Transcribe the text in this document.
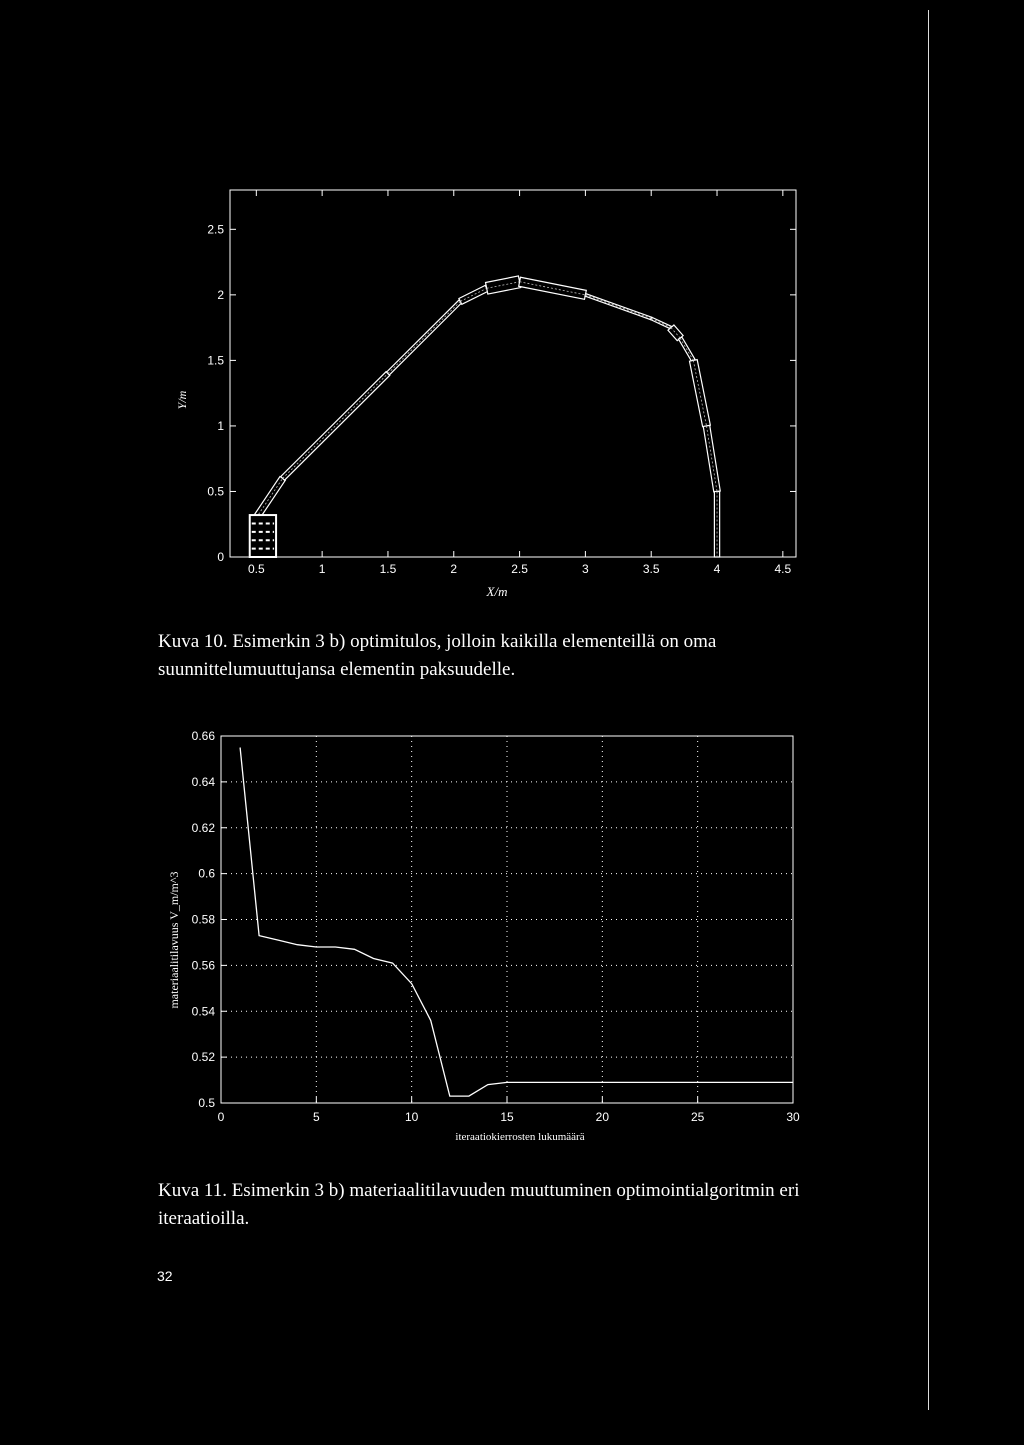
0.5	1	1.5	2	2.5	3	3.5	4	4.5
0
0.5
1
1.5
2
2.5
Y/m
X/m
Kuva 10. Esimerkin 3 b) optimitulos, jolloin kaikilla elementeillä on oma suunnittelumuuttujansa elementin paksuudelle.
0	5	10	15	20	25	30
0.5
0.52
0.54
0.56
0.58
0.6
0.62
0.64
0.66
materiaalitilavuus V_m/m^3
iteraatiokierrosten lukumäärä
Kuva 11. Esimerkin 3 b) materiaalitilavuuden muuttuminen optimointialgoritmin eri iteraatioilla.
32
